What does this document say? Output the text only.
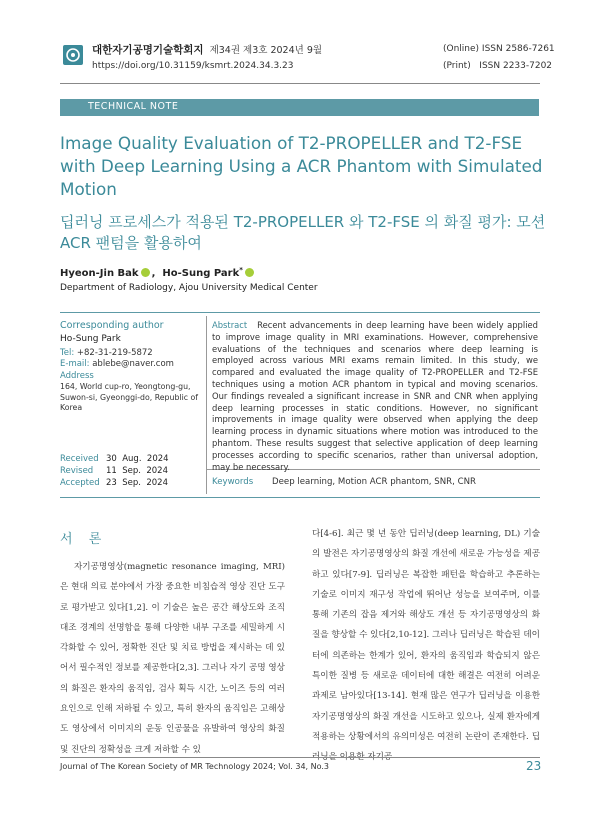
대한자기공명기술학회지 제34권 제3호 2024년 9월
https://doi.org/10.31159/ksmrt.2024.34.3.23
(Online) ISSN 2586-7261
(Print)   ISSN 2233-7202
TECHNICAL NOTE
Image Quality Evaluation of T2-PROPELLER and T2-FSE with Deep Learning Using a ACR Phantom with Simulated Motion
딥러닝 프로세스가 적용된 T2-PROPELLER 와 T2-FSE 의 화질 평가: 모션 ACR 팬텀을 활용하여
Hyeon-Jin Bak ,  Ho-Sung Park*
Department of Radiology, Ajou University Medical Center
Corresponding author
Ho-Sung Park
Tel: +82-31-219-5872
E-mail: ablebe@naver.com
Address
164, World cup-ro, Yeongtong-gu, Suwon-si, Gyeonggi-do, Republic of Korea
Received 30  Aug.  2024
Revised 11  Sep.  2024
Accepted 23  Sep.  2024
Abstract Recent advancements in deep learning have been widely applied to improve image quality in MRI examinations. However, comprehensive evaluations of the techniques and scenarios where deep learning is employed across various MRI exams remain limited. In this study, we compared and evaluated the image quality of T2-PROPELLER and T2-FSE techniques using a motion ACR phantom in typical and moving scenarios. Our findings revealed a significant increase in SNR and CNR when applying deep learning processes in static conditions. However, no significant improvements in image quality were observed when applying the deep learning process in dynamic situations where motion was introduced to the phantom. These results suggest that selective application of deep learning processes according to specific scenarios, rather than universal adoption, may be necessary.
Keywords Deep learning, Motion ACR phantom, SNR, CNR
서 론
자기공명영상(magnetic resonance imaging, MRI)은 현대 의료 분야에서 가장 중요한 비침습적 영상 진단 도구로 평가받고 있다[1,2]. 이 기술은 높은 공간 해상도와 조직 대조 경계의 선명함을 통해 다양한 내부 구조를 세밀하게 시각화할 수 있어, 정확한 진단 및 치료 방법을 제시하는 데 있어서 필수적인 정보를 제공한다[2,3]. 그러나 자기 공명 영상의 화질은 환자의 움직임, 검사 획득 시간, 노이즈 등의 여러 요인으로 인해 저하될 수 있고, 특히 환자의 움직임은 고해상도 영상에서 이미지의 운동 인공물을 유발하여 영상의 화질 및 진단의 정확성을 크게 저하할 수 있
다[4-6]. 최근 몇 년 동안 딥러닝(deep learning, DL) 기술의 발전은 자기공명영상의 화질 개선에 새로운 가능성을 제공하고 있다[7-9]. 딥러닝은 복잡한 패턴을 학습하고 추론하는 기술로 이미지 재구성 작업에 뛰어난 성능을 보여주며, 이를 통해 기존의 잡음 제거와 해상도 개선 등 자기공명영상의 화질을 향상할 수 있다[2,10-12]. 그러나 딥러닝은 학습된 데이터에 의존하는 한계가 있어, 환자의 움직임과 학습되지 않은 특이한 질병 등 새로운 데이터에 대한 해결은 여전히 어려운 과제로 남아있다[13-14]. 현재 많은 연구가 딥러닝을 이용한 자기공명영상의 화질 개선을 시도하고 있으나, 실제 환자에게 적용하는 상황에서의 유의미성은 여전히 논란이 존재한다. 딥
Journal of The Korean Society of MR Technology 2024; Vol. 34, No.3	23
